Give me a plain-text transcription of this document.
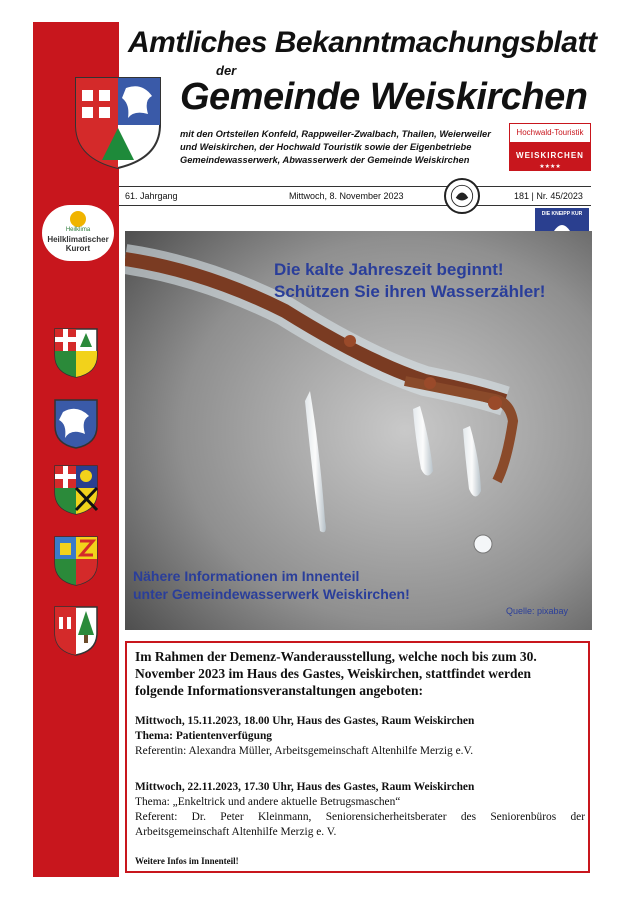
Amtliches Bekanntmachungsblatt
der
Gemeinde Weiskirchen
mit den Ortsteilen Konfeld, Rappweiler-Zwalbach, Thailen, Weierweiler und Weiskirchen, der Hochwald Touristik sowie der Eigenbetriebe Gemeindewasserwerk, Abwasserwerk der Gemeinde Weiskirchen
Hochwald-Touristik
WEISKIRCHEN
★★★★
61. Jahrgang	Mittwoch, 8. November 2023	181 | Nr. 45/2023
DIE KNEIPP KUR
Heilklima
Heilklimatischer Kurort
Die kalte Jahreszeit beginnt!
Schützen Sie ihren Wasserzähler!
Nähere Informationen im Innenteil
unter Gemeindewasserwerk Weiskirchen!
Quelle: pixabay
Im Rahmen der Demenz-Wanderausstellung, welche noch bis zum 30. November 2023 im Haus des Gastes, Weiskirchen, stattfindet werden folgende Informationsveranstaltungen angeboten:
Mittwoch, 15.11.2023, 18.00 Uhr, Haus des Gastes, Raum Weiskirchen
Thema: Patientenverfügung
Referentin: Alexandra Müller, Arbeitsgemeinschaft Altenhilfe Merzig e.V.
Mittwoch, 22.11.2023, 17.30 Uhr, Haus des Gastes, Raum Weiskirchen
Thema: „Enkeltrick und andere aktuelle Betrugsmaschen“
Referent: Dr. Peter Kleinmann, Seniorensicherheitsberater des Seniorenbüros der Arbeitsgemeinschaft Altenhilfe Merzig e. V.
Weitere Infos im Innenteil!
